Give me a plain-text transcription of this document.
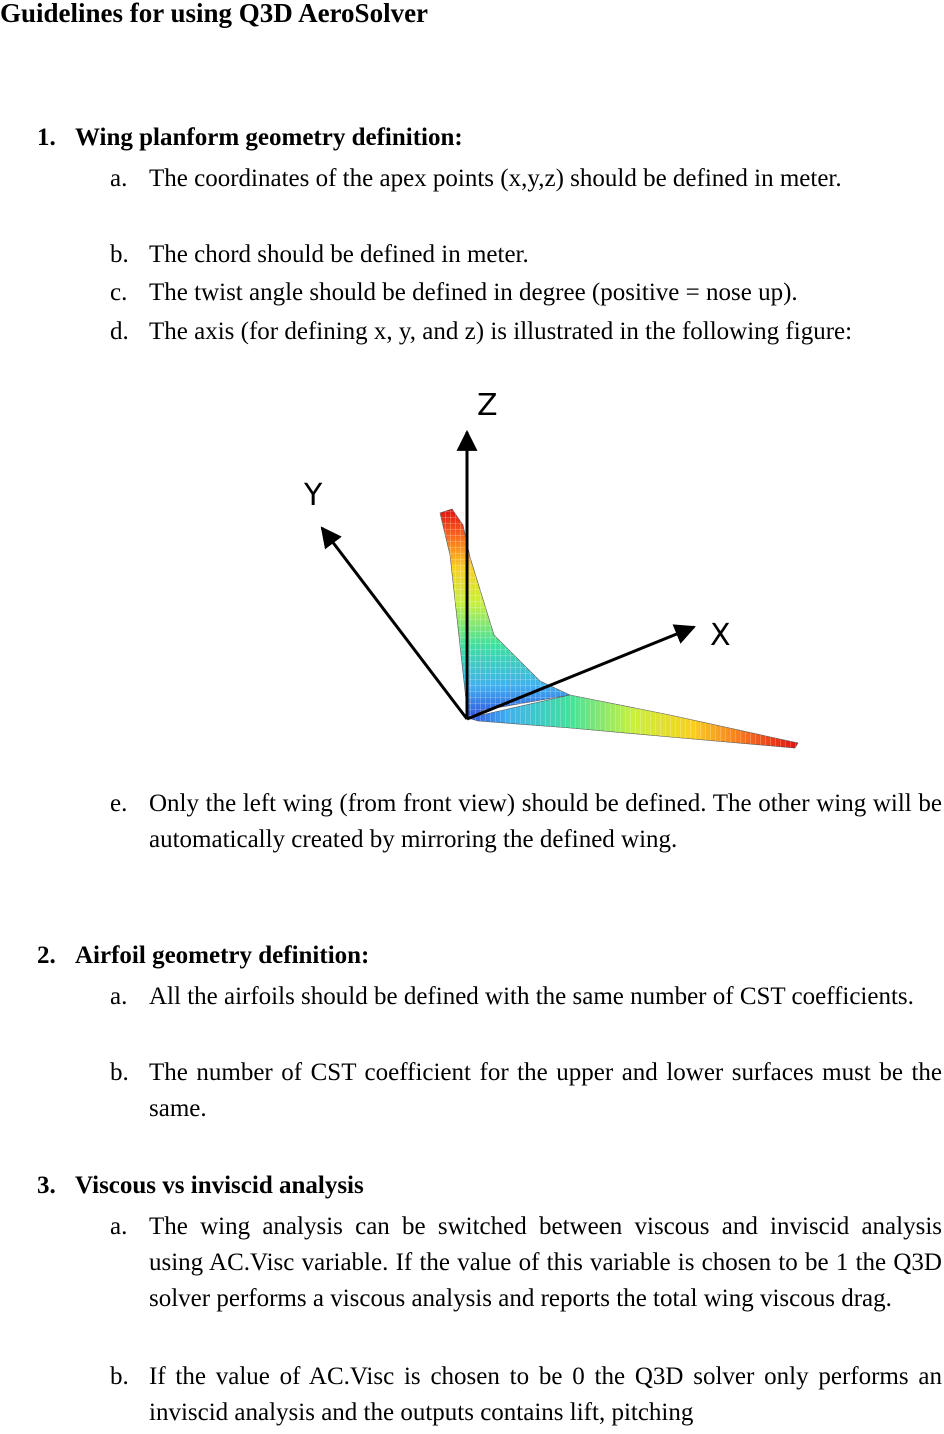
Guidelines for using Q3D AeroSolver
1. Wing planform geometry definition:
a. The coordinates of the apex points (x,y,z) should be defined in meter.
b. The chord should be defined in meter.
c. The twist angle should be defined in degree (positive = nose up).
d. The axis (for defining x, y, and z) is illustrated in the following figure:
Z
Y
X
e. Only the left wing (from front view) should be defined. The other wing will be automatically created by mirroring the defined wing.
2. Airfoil geometry definition:
a. All the airfoils should be defined with the same number of CST coefficients.
b. The number of CST coefficient for the upper and lower surfaces must be the same.
3. Viscous vs inviscid analysis
a. The wing analysis can be switched between viscous and inviscid analysis using AC.Visc variable. If the value of this variable is chosen to be 1 the Q3D solver performs a viscous analysis and reports the total wing viscous drag.
b. If the value of AC.Visc is chosen to be 0 the Q3D solver only performs an inviscid analysis and the outputs contains lift, pitching
